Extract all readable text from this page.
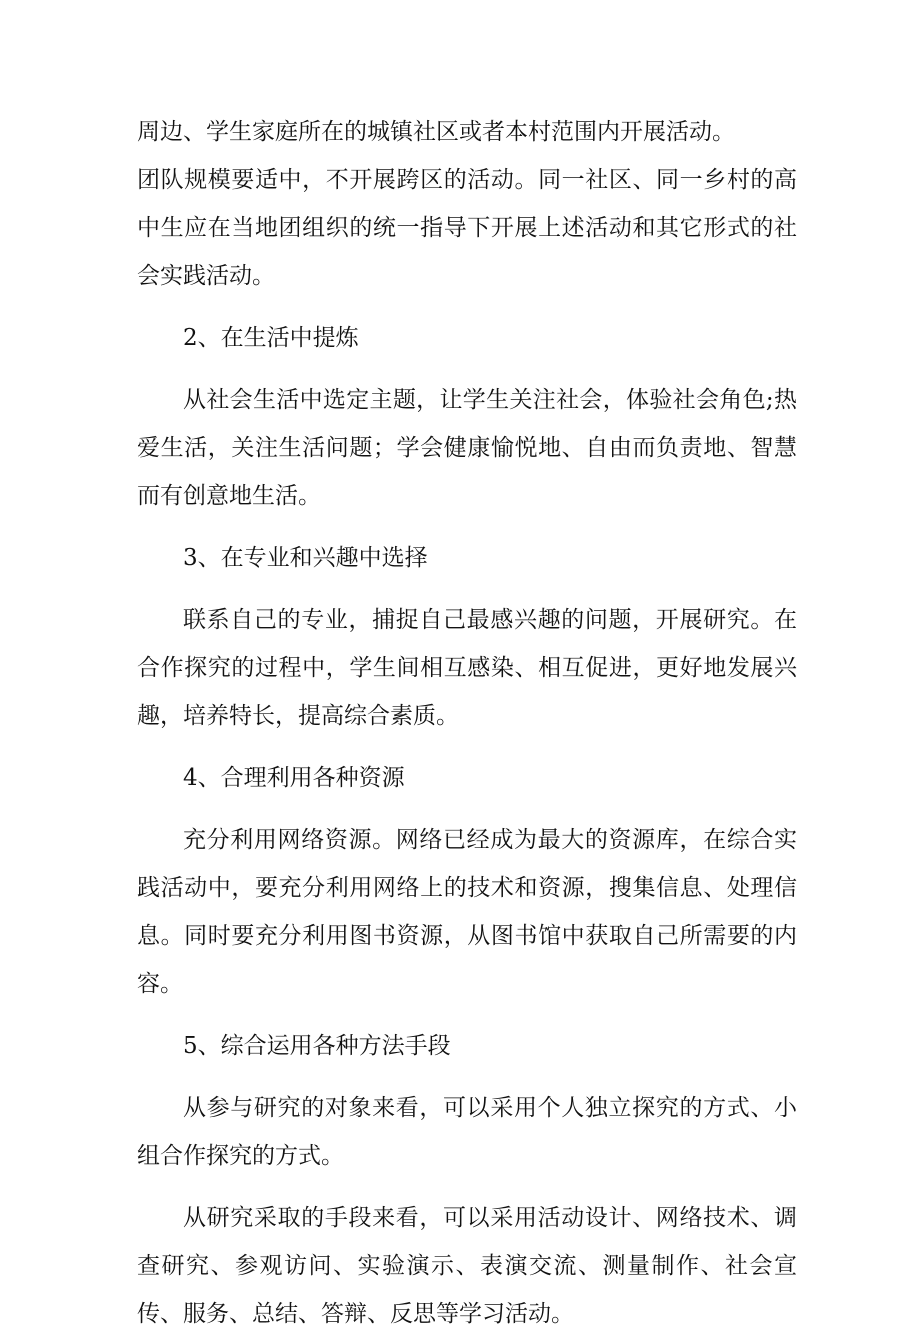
周边、学生家庭所在的城镇社区或者本村范围内开展活动。

团队规模要适中，不开展跨区的活动。同一社区、同一乡村的高中生应在当地团组织的统一指导下开展上述活动和其它形式的社会实践活动。

2、在生活中提炼

从社会生活中选定主题，让学生关注社会，体验社会角色;热爱生活，关注生活问题；学会健康愉悦地、自由而负责地、智慧而有创意地生活。

3、在专业和兴趣中选择

联系自己的专业，捕捉自己最感兴趣的问题，开展研究。在合作探究的过程中，学生间相互感染、相互促进，更好地发展兴趣，培养特长，提高综合素质。

4、合理利用各种资源

充分利用网络资源。网络已经成为最大的资源库，在综合实践活动中，要充分利用网络上的技术和资源，搜集信息、处理信息。同时要充分利用图书资源，从图书馆中获取自己所需要的内容。

5、综合运用各种方法手段

从参与研究的对象来看，可以采用个人独立探究的方式、小组合作探究的方式。

从研究采取的手段来看，可以采用活动设计、网络技术、调查研究、参观访问、实验演示、表演交流、测量制作、社会宣传、服务、总结、答辩、反思等学习活动。
